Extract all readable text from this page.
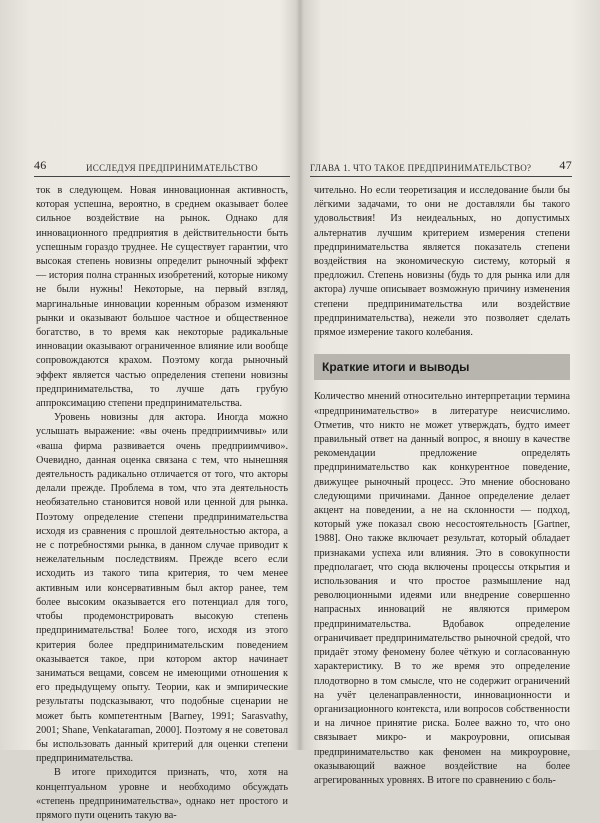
46	ИССЛЕДУЯ ПРЕДПРИНИМАТЕЛЬСТВО

ток в следующем. Новая инновационная активность, которая успешна, вероятно, в среднем оказывает более сильное воздействие на рынок. Однако для инновационного предприятия в действительности быть успешным гораздо труднее. Не существует гарантии, что высокая степень новизны определит рыночный эффект — история полна странных изобретений, которые никому не были нужны! Некоторые, на первый взгляд, маргинальные инновации коренным образом изменяют рынки и оказывают большое частное и общественное богатство, в то время как некоторые радикальные инновации оказывают ограниченное влияние или вообще сопровождаются крахом. Поэтому когда рыночный эффект является частью определения степени новизны предпринимательства, то лучше дать грубую аппроксимацию степени предпринимательства.

Уровень новизны для актора. Иногда можно услышать выражение: «вы очень предприимчивы» или «ваша фирма развивается очень предприимчиво». Очевидно, данная оценка связана с тем, что нынешняя деятельность радикально отличается от того, что акторы делали прежде. Проблема в том, что эта деятельность необязательно становится новой или ценной для рынка. Поэтому определение степени предпринимательства исходя из сравнения с прошлой деятельностью актора, а не с потребностями рынка, в данном случае приводит к нежелательным последствиям. Прежде всего если исходить из такого типа критерия, то чем менее активным или консервативным был актор ранее, тем более высоким оказывается его потенциал для того, чтобы продемонстрировать высокую степень предпринимательства! Более того, исходя из этого критерия более предпринимательским поведением оказывается такое, при котором актор начинает заниматься вещами, совсем не имеющими отношения к его предыдущему опыту. Теории, как и эмпирические результаты подсказывают, что подобные сценарии не может быть компетентным [Barney, 1991; Sarasvathy, 2001; Shane, Venkataraman, 2000]. Поэтому я не советовал бы использовать данный критерий для оценки степени предпринимательства.

В итоге приходится признать, что, хотя на концептуальном уровне и необходимо обсуждать «степень предпринимательства», однако нет простого и прямого пути оценить такую ва-

ГЛАВА 1. ЧТО ТАКОЕ ПРЕДПРИНИМАТЕЛЬСТВО? 47

чительно. Но если теоретизация и исследование были бы лёгкими задачами, то они не доставляли бы такого удовольствия! Из неидеальных, но допустимых альтернатив лучшим критерием измерения степени предпринимательства является показатель степени воздействия на экономическую систему, который я предложил. Степень новизны (будь то для рынка или для актора) лучше описывает возможную причину изменения степени предпринимательства или воздействие предпринимательства), нежели это позволяет сделать прямое измерение такого колебания.

Краткие итоги и выводы

Количество мнений относительно интерпретации термина «предпринимательство» в литературе неисчислимо. Отметив, что никто не может утверждать, будто имеет правильный ответ на данный вопрос, я вношу в качестве рекомендации предложение определять предпринимательство как конкурентное поведение, движущее рыночный процесс. Это мнение обосновано следующими причинами. Данное определение делает акцент на поведении, а не на склонности — подход, который уже показал свою несостоятельность [Gartner, 1988]. Оно также включает результат, который обладает признаками успеха или влияния. Это в совокупности предполагает, что сюда включены процессы открытия и использования и что простое размышление над революционными идеями или внедрение совершенно напрасных инноваций не являются примером предпринимательства. Вдобавок определение ограничивает предпринимательство рыночной средой, что придаёт этому феномену более чёткую и согласованную характеристику. В то же время это определение плодотворно в том смысле, что не содержит ограничений на учёт целенаправленности, инновационности и организационного контекста, или вопросов собственности и на личное принятие риска. Более важно то, что оно связывает микро- и макроуровни, описывая предпринимательство как феномен на микроуровне, оказывающий важное воздействие на более агрегированных уровнях. В итоге по сравнению с боль-
